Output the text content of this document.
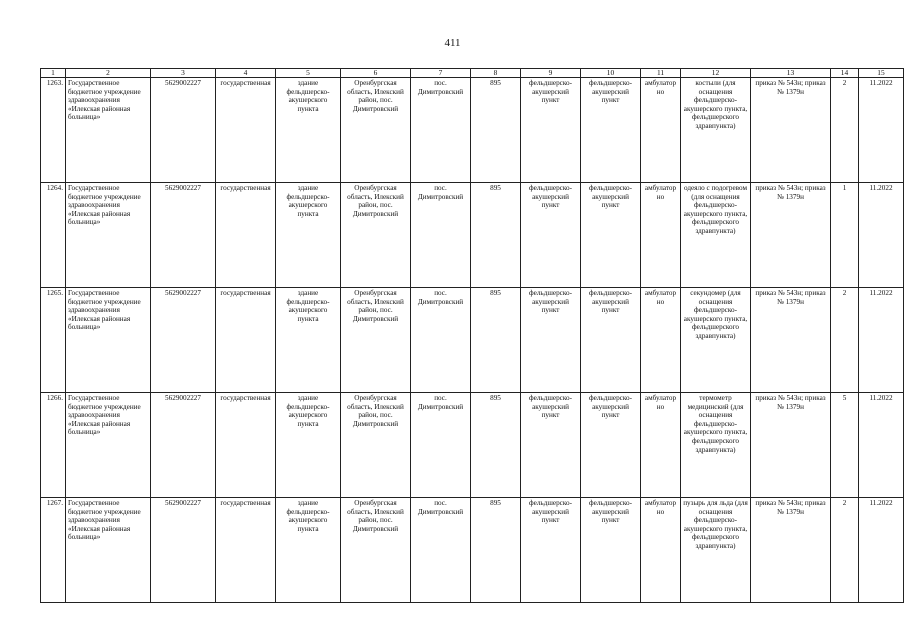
411
1	2	3	4	5	6	7	8	9	10	11	12	13	14	15
1263.	Государственное бюджетное учреждение здравоохранения «Илекская районная больница»	5629002227	государственная	здание фельдшерско-акушерского пункта	Оренбургская область, Илекский район, пос. Димитровский	пос. Димитровский	895	фельдшерско-акушерский пункт	фельдшерско-акушерский пункт	амбулаторно	костыли (для оснащения фельдшерско-акушерского пункта, фельдшерского здравпункта)	приказ № 543н; приказ № 1379н	2	11.2022
1264.	Государственное бюджетное учреждение здравоохранения «Илекская районная больница»	5629002227	государственная	здание фельдшерско-акушерского пункта	Оренбургская область, Илекский район, пос. Димитровский	пос. Димитровский	895	фельдшерско-акушерский пункт	фельдшерско-акушерский пункт	амбулаторно	одеяло с подогревом (для оснащения фельдшерско-акушерского пункта, фельдшерского здравпункта)	приказ № 543н; приказ № 1379н	1	11.2022
1265.	Государственное бюджетное учреждение здравоохранения «Илекская районная больница»	5629002227	государственная	здание фельдшерско-акушерского пункта	Оренбургская область, Илекский район, пос. Димитровский	пос. Димитровский	895	фельдшерско-акушерский пункт	фельдшерско-акушерский пункт	амбулаторно	секундомер (для оснащения фельдшерско-акушерского пункта, фельдшерского здравпункта)	приказ № 543н; приказ № 1379н	2	11.2022
1266.	Государственное бюджетное учреждение здравоохранения «Илекская районная больница»	5629002227	государственная	здание фельдшерско-акушерского пункта	Оренбургская область, Илекский район, пос. Димитровский	пос. Димитровский	895	фельдшерско-акушерский пункт	фельдшерско-акушерский пункт	амбулаторно	термометр медицинский (для оснащения фельдшерско-акушерского пункта, фельдшерского здравпункта)	приказ № 543н; приказ № 1379н	5	11.2022
1267.	Государственное бюджетное учреждение здравоохранения «Илекская районная больница»	5629002227	государственная	здание фельдшерско-акушерского пункта	Оренбургская область, Илекский район, пос. Димитровский	пос. Димитровский	895	фельдшерско-акушерский пункт	фельдшерско-акушерский пункт	амбулаторно	пузырь для льда (для оснащения фельдшерско-акушерского пункта, фельдшерского здравпункта)	приказ № 543н; приказ № 1379н	2	11.2022
